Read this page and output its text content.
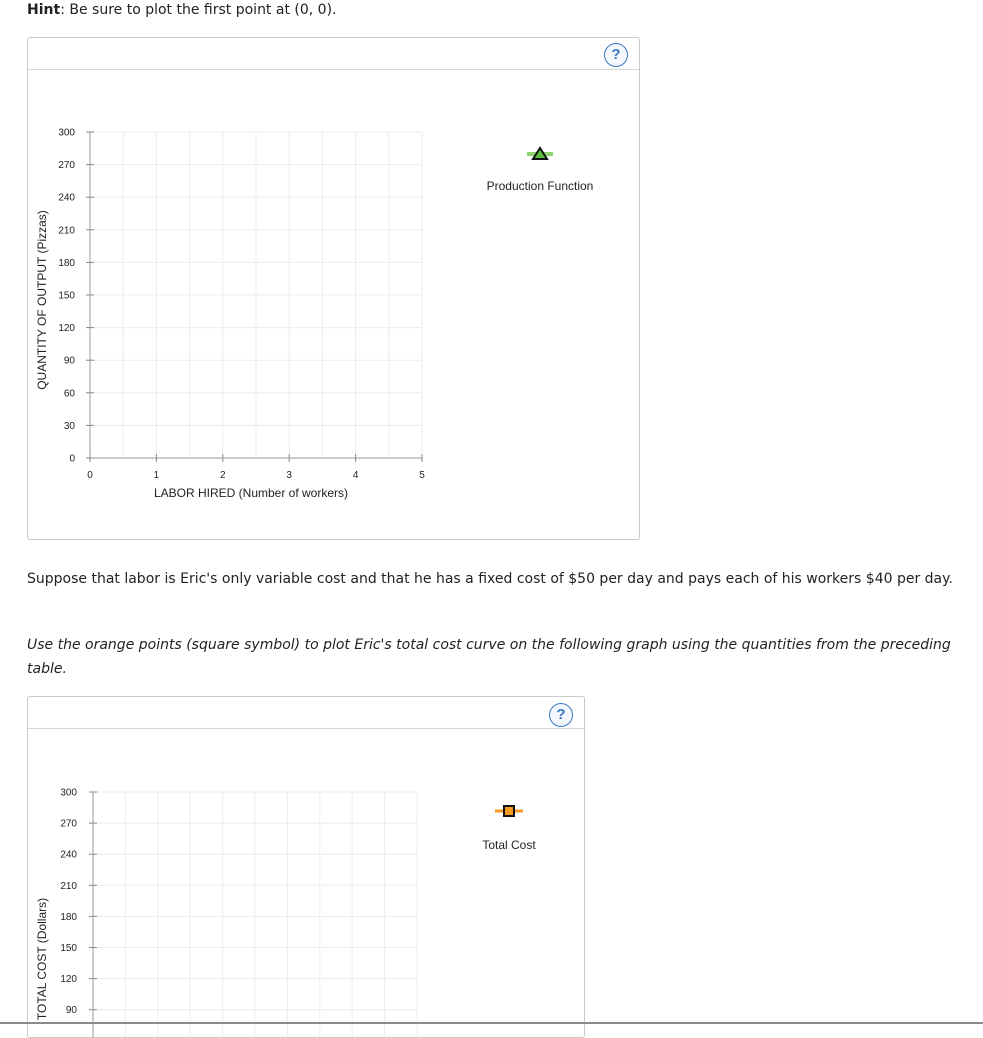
Hint: Be sure to plot the first point at (0, 0).
?
0
30
60
90
120
150
180
210
240
270
300
0	1	2	3	4	5
LABOR HIRED (Number of workers)
QUANTITY OF OUTPUT (Pizzas)
Production Function
Suppose that labor is Eric's only variable cost and that he has a fixed cost of $50 per day and pays each of his workers $40 per day.
Use the orange points (square symbol) to plot Eric's total cost curve on the following graph using the quantities from the preceding table.
?
90
120
150
180
210
240
270
300
TOTAL COST (Dollars)
Total Cost
